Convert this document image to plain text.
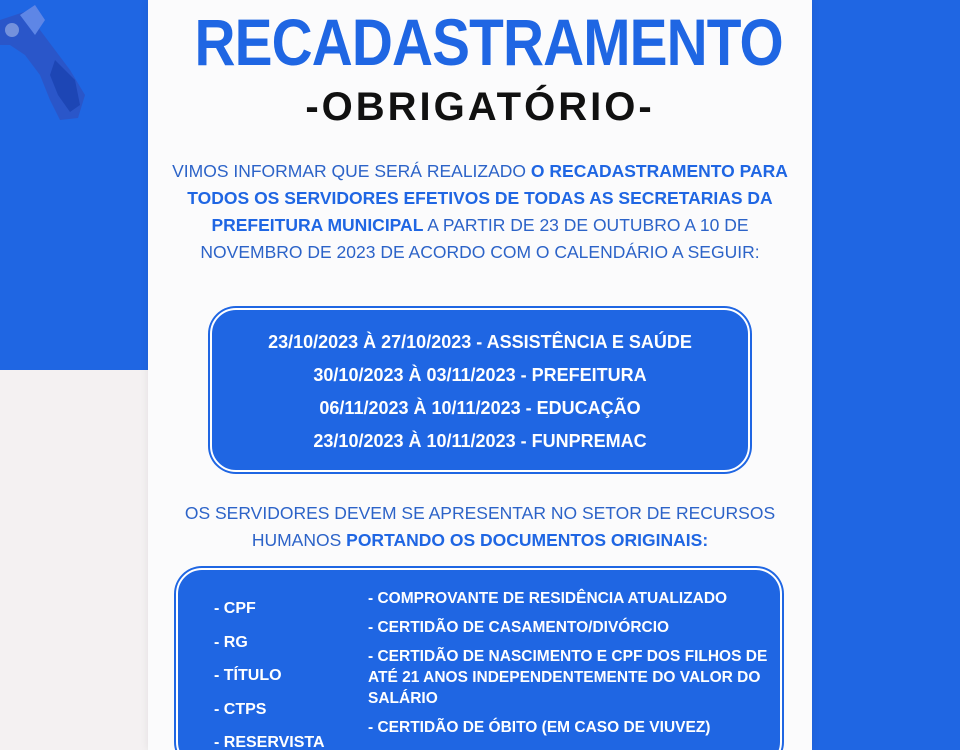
RECADASTRAMENTO
-OBRIGATÓRIO-
VIMOS INFORMAR QUE SERÁ REALIZADO O RECADASTRAMENTO PARA TODOS OS SERVIDORES EFETIVOS DE TODAS AS SECRETARIAS DA PREFEITURA MUNICIPAL A PARTIR DE 23 DE OUTUBRO A 10 DE NOVEMBRO DE 2023 DE ACORDO COM O CALENDÁRIO A SEGUIR:
23/10/2023 À 27/10/2023 - ASSISTÊNCIA E SAÚDE
30/10/2023 À 03/11/2023 - PREFEITURA
06/11/2023 À 10/11/2023 - EDUCAÇÃO
23/10/2023 À 10/11/2023 - FUNPREMAC
OS SERVIDORES DEVEM SE APRESENTAR NO SETOR DE RECURSOS HUMANOS PORTANDO OS DOCUMENTOS ORIGINAIS:
- CPF
- RG
- TÍTULO
- CTPS
- RESERVISTA
- COMPROVANTE DE RESIDÊNCIA ATUALIZADO
- CERTIDÃO DE CASAMENTO/DIVÓRCIO
- CERTIDÃO DE NASCIMENTO E CPF DOS FILHOS DE ATÉ 21 ANOS INDEPENDENTEMENTE DO VALOR DO SALÁRIO
- CERTIDÃO DE ÓBITO (EM CASO DE VIUVEZ)
